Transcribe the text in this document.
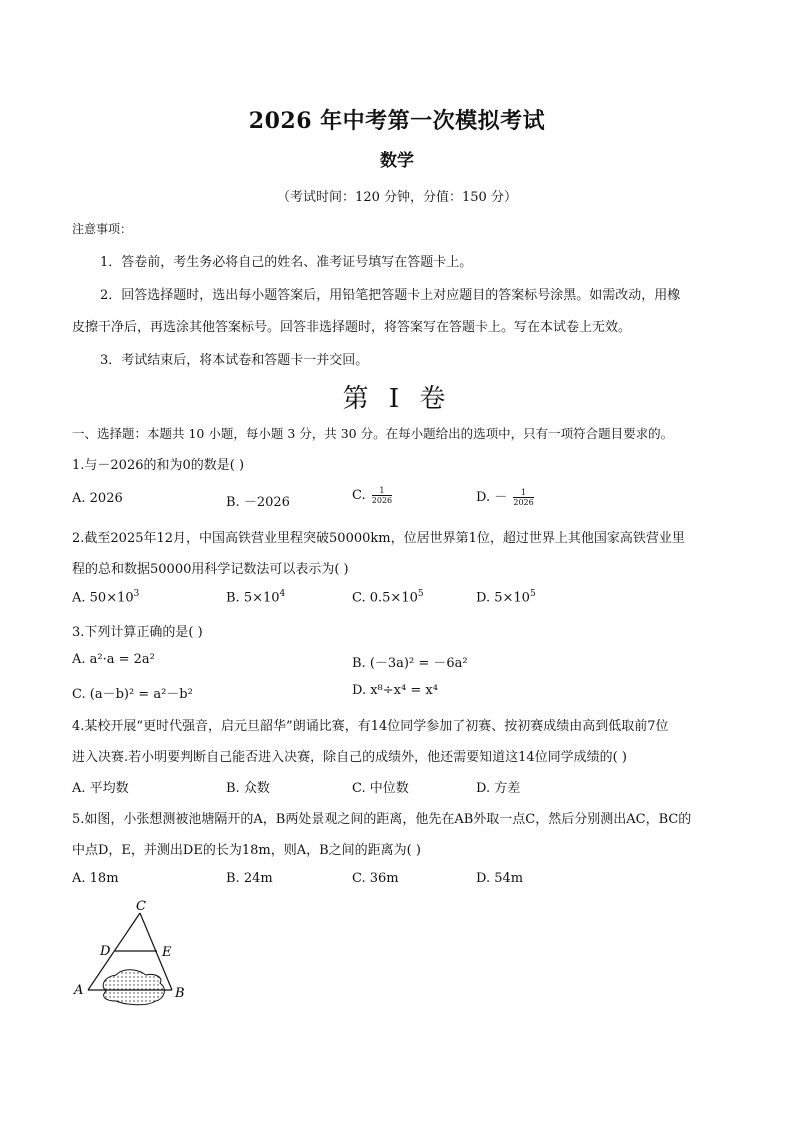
2026 年中考第一次模拟考试
数学
（考试时间：120 分钟，分值：150 分）
注意事项：
1．答卷前，考生务必将自己的姓名、准考证号填写在答题卡上。
2．回答选择题时，选出每小题答案后，用铅笔把答题卡上对应题目的答案标号涂黑。如需改动，用橡
皮擦干净后，再选涂其他答案标号。回答非选择题时，将答案写在答题卡上。写在本试卷上无效。
3．考试结束后，将本试卷和答题卡一并交回。
第 I 卷
一、选择题：本题共 10 小题，每小题 3 分，共 30 分。在每小题给出的选项中，只有一项符合题目要求的。
1.与－2026的和为0的数是( )
A. 2026	B. －2026	C. $\frac{1}{2026}$	D. － $\frac{1}{2026}$
2.截至2025年12月，中国高铁营业里程突破50000km，位居世界第1位，超过世界上其他国家高铁营业里
程的总和数据50000用科学记数法可以表示为( )
A. $50\times 10^3$	B. $5\times 10^4$	C. $0.5\times 10^5$	D. $5\times 10^5$
3.下列计算正确的是( )
A. a²·a = 2a²	B. (－3a)² = －6a²
C. (a－b)² = a²－b²	D. x⁸÷x⁴ = x⁴
4.某校开展“更时代强音，启元旦韶华”朗诵比赛，有14位同学参加了初赛、按初赛成绩由高到低取前7位
进入决赛.若小明要判断自己能否进入决赛，除自己的成绩外，他还需要知道这14位同学成绩的( )
A. 平均数	B. 众数	C. 中位数	D. 方差
5.如图，小张想测被池塘隔开的A，B两处景观之间的距离，他先在AB外取一点C，然后分别测出AC，BC的
中点D，E，并测出DE的长为18m，则A，B之间的距离为( )
A. 18m	B. 24m	C. 36m	D. 54m
C
D	E
A	B
